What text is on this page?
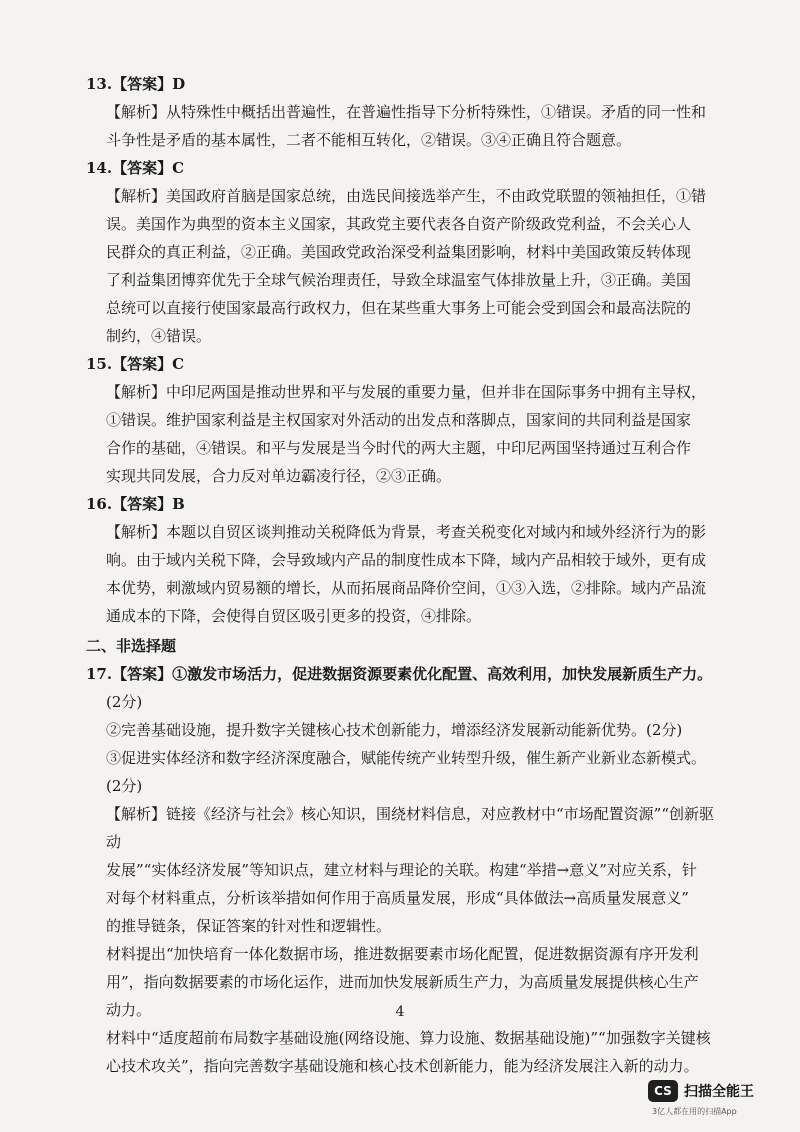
13.【答案】D

【解析】从特殊性中概括出普遍性，在普遍性指导下分析特殊性，①错误。矛盾的同一性和

斗争性是矛盾的基本属性，二者不能相互转化，②错误。③④正确且符合题意。

14.【答案】C

【解析】美国政府首脑是国家总统，由选民间接选举产生，不由政党联盟的领袖担任，①错

误。美国作为典型的资本主义国家，其政党主要代表各自资产阶级政党利益，不会关心人

民群众的真正利益，②正确。美国政党政治深受利益集团影响，材料中美国政策反转体现

了利益集团博弈优先于全球气候治理责任，导致全球温室气体排放量上升，③正确。美国

总统可以直接行使国家最高行政权力，但在某些重大事务上可能会受到国会和最高法院的

制约，④错误。

15.【答案】C

【解析】中印尼两国是推动世界和平与发展的重要力量，但并非在国际事务中拥有主导权，

①错误。维护国家利益是主权国家对外活动的出发点和落脚点，国家间的共同利益是国家

合作的基础，④错误。和平与发展是当今时代的两大主题，中印尼两国坚持通过互利合作

实现共同发展，合力反对单边霸凌行径，②③正确。

16.【答案】B

【解析】本题以自贸区谈判推动关税降低为背景，考查关税变化对域内和域外经济行为的影

响。由于域内关税下降，会导致域内产品的制度性成本下降，域内产品相较于域外，更有成

本优势，刺激域内贸易额的增长，从而拓展商品降价空间，①③入选，②排除。域内产品流

通成本的下降，会使得自贸区吸引更多的投资，④排除。

二、非选择题

17.【答案】①激发市场活力，促进数据资源要素优化配置、高效利用，加快发展新质生产力。

(2分)

②完善基础设施，提升数字关键核心技术创新能力，增添经济发展新动能新优势。(2分)

③促进实体经济和数字经济深度融合，赋能传统产业转型升级，催生新产业新业态新模式。

(2分)

【解析】链接《经济与社会》核心知识，围绕材料信息，对应教材中“市场配置资源”“创新驱动

发展”“实体经济发展”等知识点，建立材料与理论的关联。构建“举措→意义”对应关系，针

对每个材料重点，分析该举措如何作用于高质量发展，形成“具体做法→高质量发展意义”

的推导链条，保证答案的针对性和逻辑性。

材料提出“加快培育一体化数据市场，推进数据要素市场化配置，促进数据资源有序开发利

用”，指向数据要素的市场化运作，进而加快发展新质生产力，为高质量发展提供核心生产

动力。

材料中“适度超前布局数字基础设施(网络设施、算力设施、数据基础设施)”“加强数字关键核

心技术攻关”，指向完善数字基础设施和核心技术创新能力，能为经济发展注入新的动力。

4
CS 扫描全能王
3亿人都在用的扫描App
